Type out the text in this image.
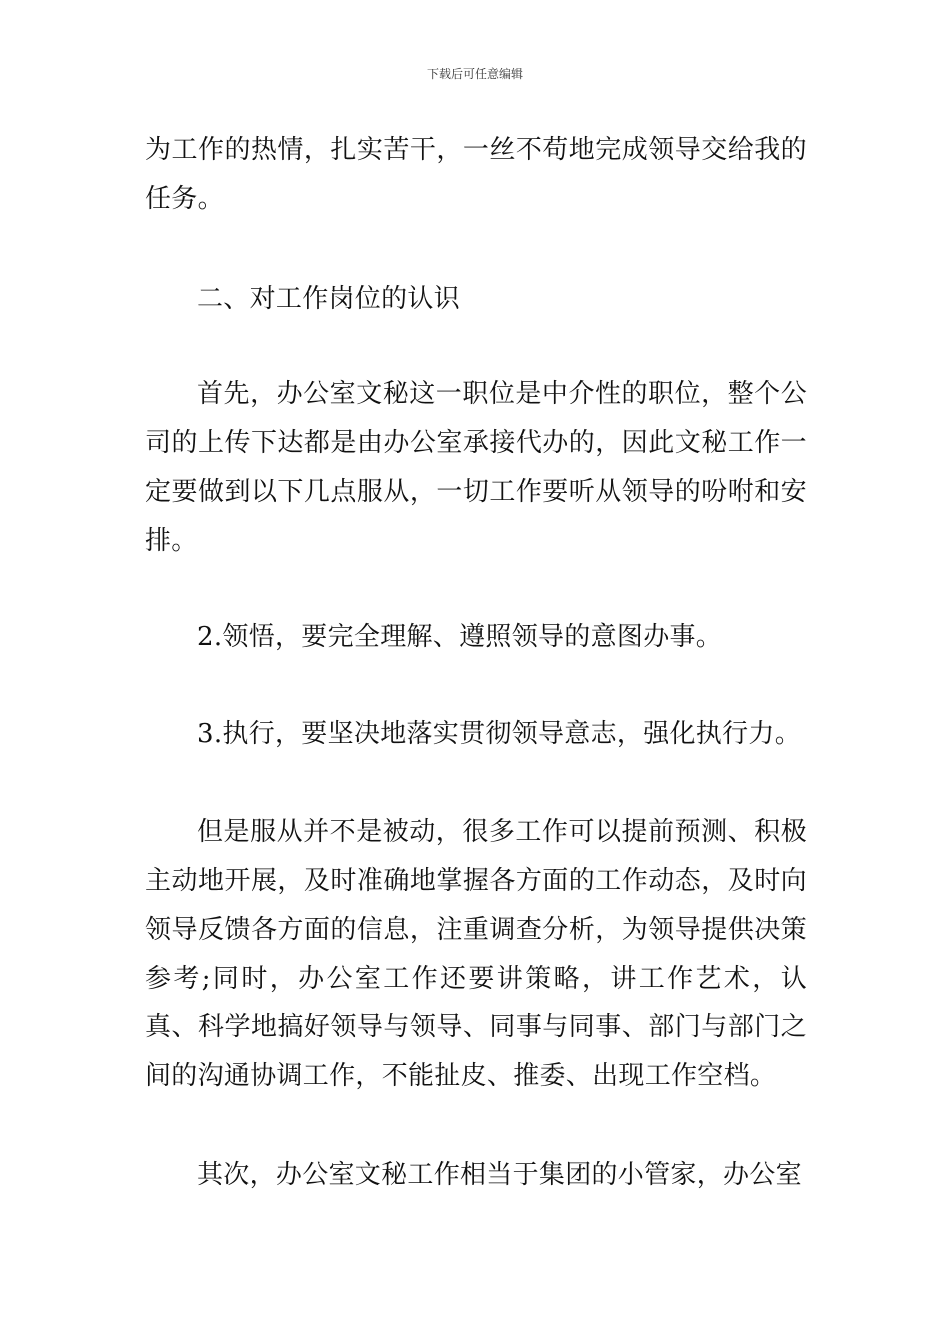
下载后可任意编辑

为工作的热情，扎实苦干，一丝不苟地完成领导交给我的任务。

二、对工作岗位的认识

首先，办公室文秘这一职位是中介性的职位，整个公司的上传下达都是由办公室承接代办的，因此文秘工作一定要做到以下几点服从，一切工作要听从领导的吩咐和安排。

2.领悟，要完全理解、遵照领导的意图办事。

3.执行，要坚决地落实贯彻领导意志，强化执行力。

但是服从并不是被动，很多工作可以提前预测、积极主动地开展，及时准确地掌握各方面的工作动态，及时向领导反馈各方面的信息，注重调查分析，为领导提供决策参考;同时，办公室工作还要讲策略，讲工作艺术，认真、科学地搞好领导与领导、同事与同事、部门与部门之间的沟通协调工作，不能扯皮、推委、出现工作空档。

其次，办公室文秘工作相当于集团的小管家，办公室
